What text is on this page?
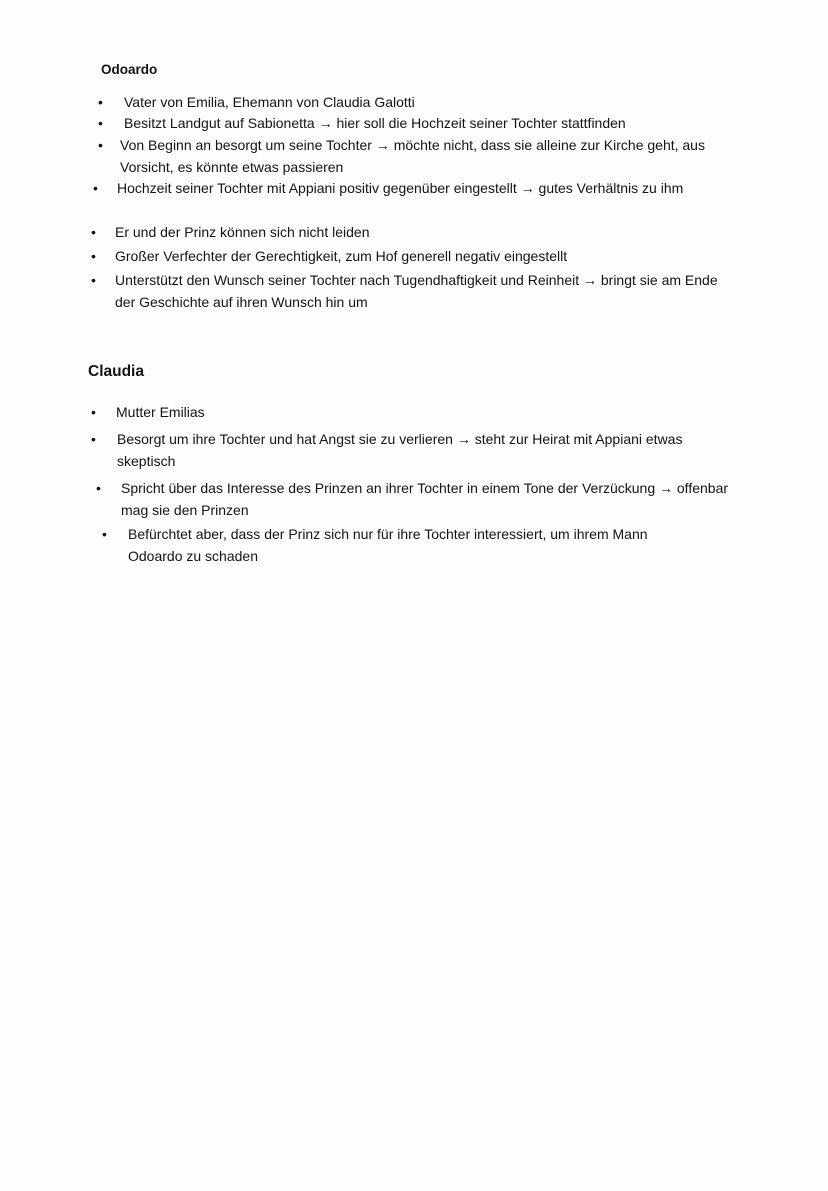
Odoardo
• Vater von Emilia, Ehemann von Claudia Galotti
• Besitzt Landgut auf Sabionetta → hier soll die Hochzeit seiner Tochter stattfinden
• Von Beginn an besorgt um seine Tochter → möchte nicht, dass sie alleine zur Kirche geht, aus Vorsicht, es könnte etwas passieren
• Hochzeit seiner Tochter mit Appiani positiv gegenüber eingestellt → gutes Verhältnis zu ihm
• Er und der Prinz können sich nicht leiden
• Großer Verfechter der Gerechtigkeit, zum Hof generell negativ eingestellt
• Unterstützt den Wunsch seiner Tochter nach Tugendhaftigkeit und Reinheit → bringt sie am Ende der Geschichte auf ihren Wunsch hin um
Claudia
• Mutter Emilias
• Besorgt um ihre Tochter und hat Angst sie zu verlieren → steht zur Heirat mit Appiani etwas skeptisch
• Spricht über das Interesse des Prinzen an ihrer Tochter in einem Tone der Verzückung → offenbar mag sie den Prinzen
• Befürchtet aber, dass der Prinz sich nur für ihre Tochter interessiert, um ihrem Mann Odoardo zu schaden
